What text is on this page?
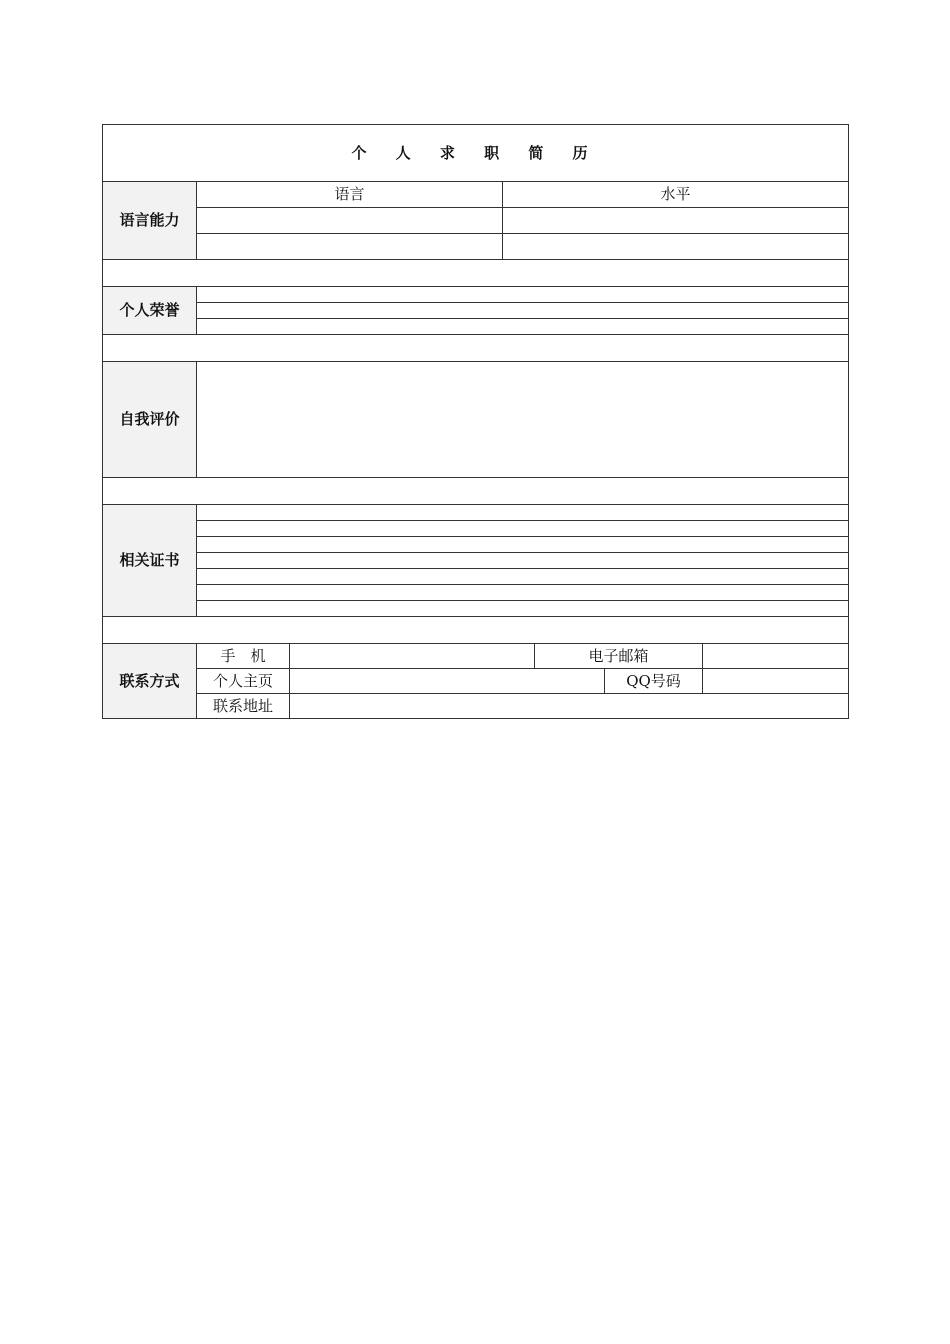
个 人 求 职 简 历						
语言能力	语言		水平			

个人荣誉						

自我评价						

相关证书						

联系方式	手　机			电子邮箱		
	个人主页				QQ号码	
	联系地址					
